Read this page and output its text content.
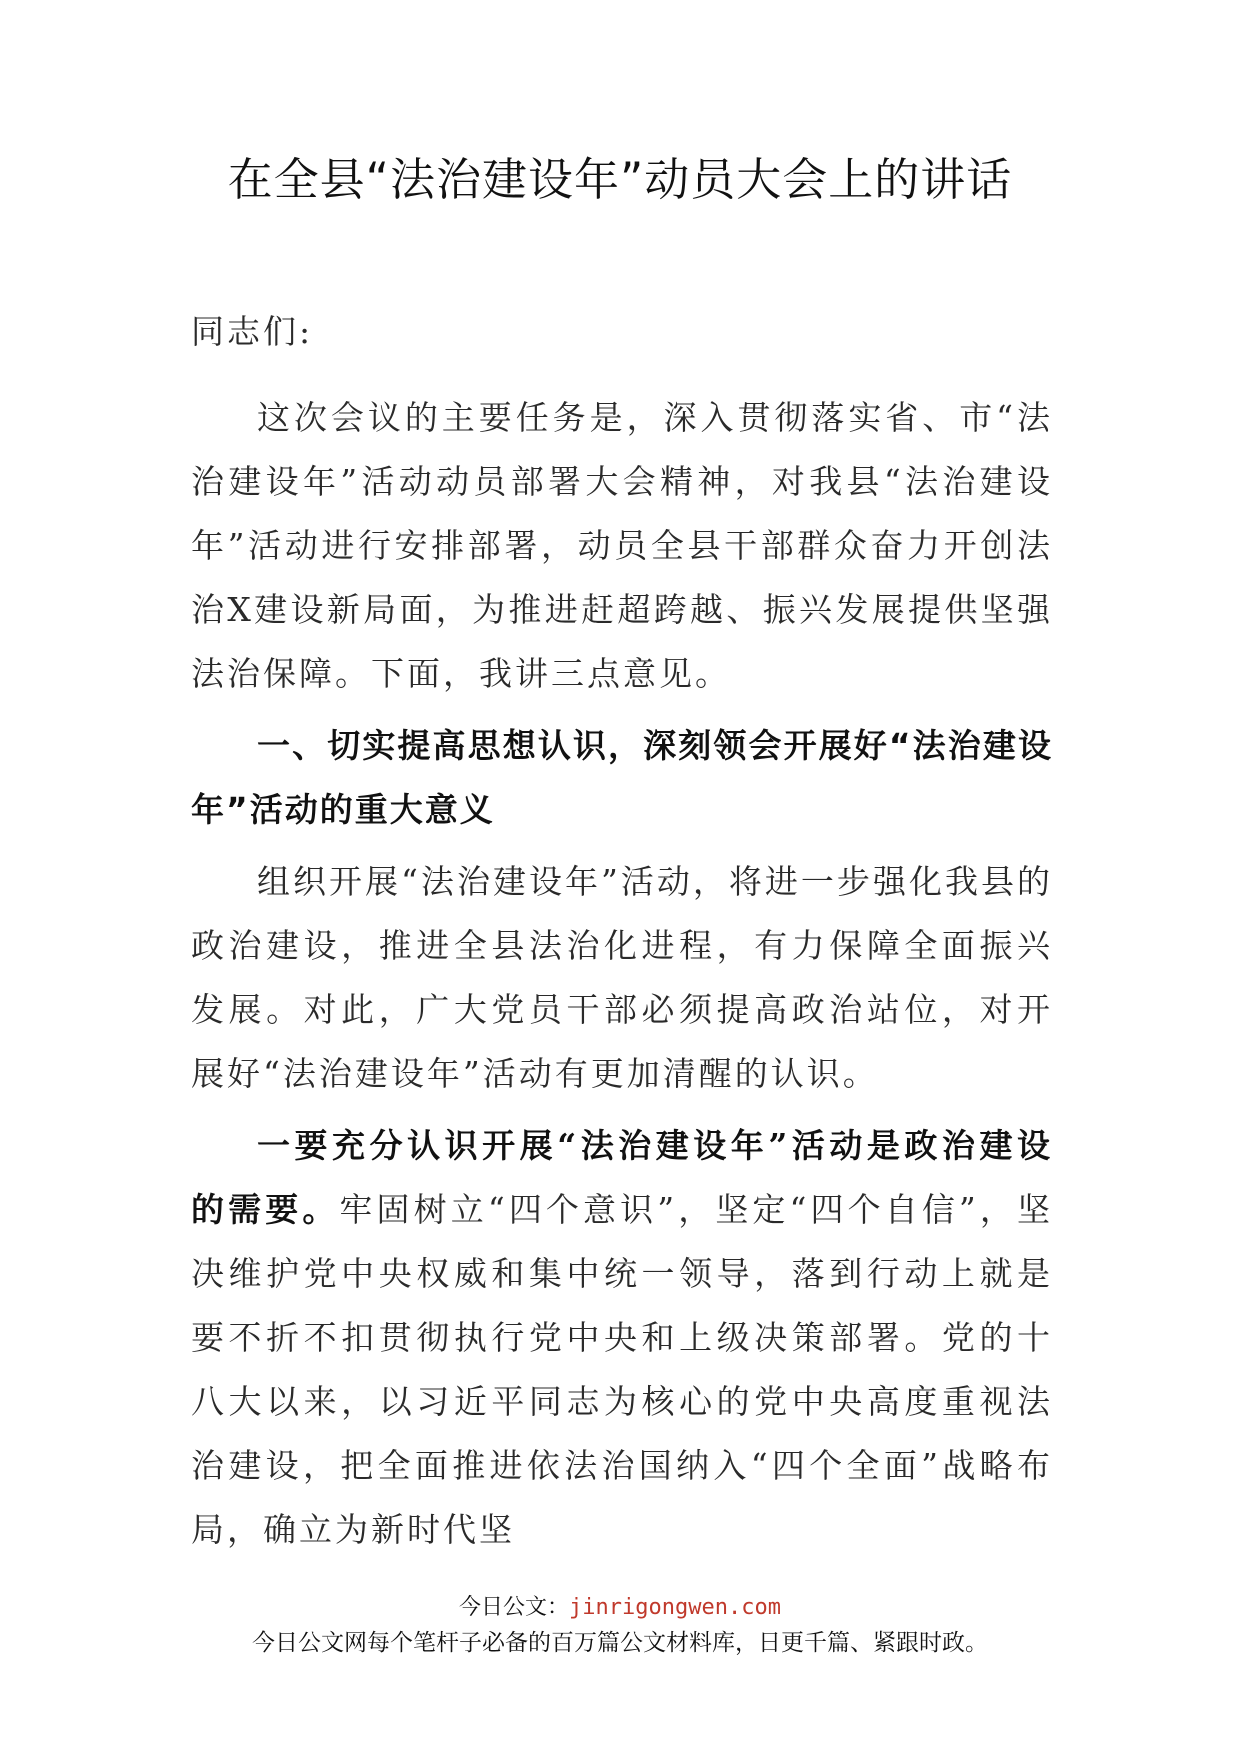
在全县“法治建设年”动员大会上的讲话

同志们:

这次会议的主要任务是，深入贯彻落实省、市“法治建设年”活动动员部署大会精神，对我县“法治建设年”活动进行安排部署，动员全县干部群众奋力开创法治X建设新局面，为推进赶超跨越、振兴发展提供坚强法治保障。下面，我讲三点意见。

一、切实提高思想认识，深刻领会开展好“法治建设年”活动的重大意义

组织开展“法治建设年”活动，将进一步强化我县的政治建设，推进全县法治化进程，有力保障全面振兴发展。对此，广大党员干部必须提高政治站位，对开展好“法治建设年”活动有更加清醒的认识。

一要充分认识开展“法治建设年”活动是政治建设的需要。牢固树立“四个意识”，坚定“四个自信”，坚决维护党中央权威和集中统一领导，落到行动上就是要不折不扣贯彻执行党中央和上级决策部署。党的十八大以来，以习近平同志为核心的党中央高度重视法治建设，把全面推进依法治国纳入“四个全面”战略布局，确立为新时代坚

今日公文：jinrigongwen.com
今日公文网每个笔杆子必备的百万篇公文材料库，日更千篇、紧跟时政。
